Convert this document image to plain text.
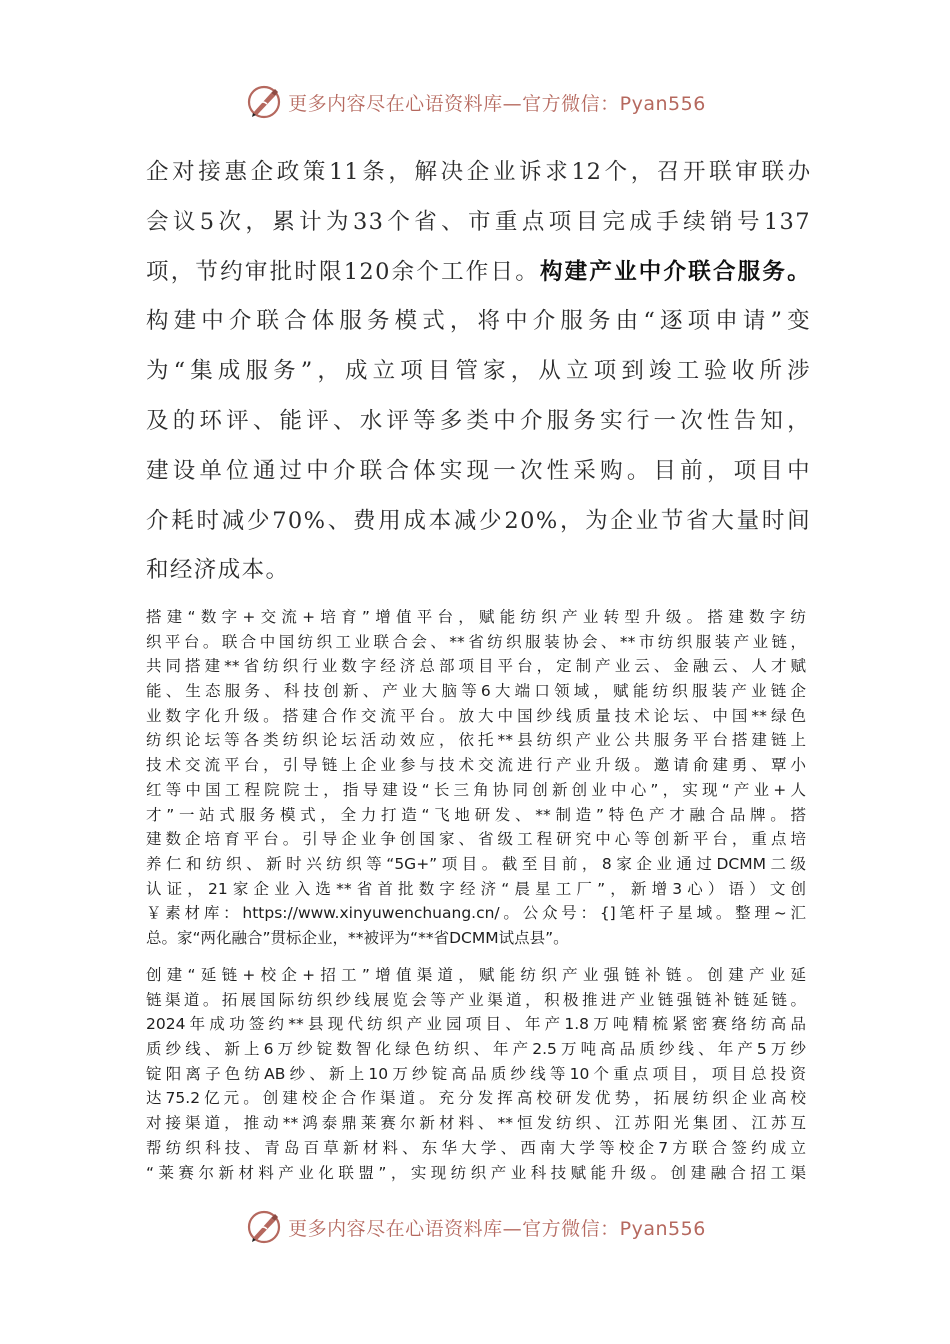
更多内容尽在心语资料库—官方微信：Pyan556

企对接惠企政策11条，解决企业诉求12个，召开联审联办

会议5次，累计为33个省、市重点项目完成手续销号137

项，节约审批时限120余个工作日。构建产业中介联合服务。

构建中介联合体服务模式，将中介服务由“逐项申请”变

为“集成服务”，成立项目管家，从立项到竣工验收所涉

及的环评、能评、水评等多类中介服务实行一次性告知，

建设单位通过中介联合体实现一次性采购。目前，项目中

介耗时减少70%、费用成本减少20%，为企业节省大量时间

和经济成本。

搭建“数字+交流+培育”增值平台，赋能纺织产业转型升级。搭建数字纺

织平台。联合中国纺织工业联合会、**省纺织服装协会、**市纺织服装产业链，

共同搭建**省纺织行业数字经济总部项目平台，定制产业云、金融云、人才赋

能、生态服务、科技创新、产业大脑等6大端口领域，赋能纺织服装产业链企

业数字化升级。搭建合作交流平台。放大中国纱线质量技术论坛、中国**绿色

纺织论坛等各类纺织论坛活动效应，依托**县纺织产业公共服务平台搭建链上

技术交流平台，引导链上企业参与技术交流进行产业升级。邀请俞建勇、覃小

红等中国工程院院士，指导建设“长三角协同创新创业中心”，实现“产业+人

才”一站式服务模式，全力打造“飞地研发、**制造”特色产才融合品牌。搭

建数企培育平台。引导企业争创国家、省级工程研究中心等创新平台，重点培

养仁和纺织、新时兴纺织等“5G+”项目。截至目前，8家企业通过DCMM二级

认证，21家企业入选**省首批数字经济“晨星工厂”，新增3心）语）文创

￥素材库：https://www.xinyuwenchuang.cn/。公众号：{]笔杆子星域。整理~汇

总。家“两化融合”贯标企业，**被评为“**省DCMM试点县”。

创建“延链+校企+招工”增值渠道，赋能纺织产业强链补链。创建产业延

链渠道。拓展国际纺织纱线展览会等产业渠道，积极推进产业链强链补链延链。

2024年成功签约**县现代纺织产业园项目、年产1.8万吨精梳紧密赛络纺高品

质纱线、新上6万纱锭数智化绿色纺织、年产2.5万吨高品质纱线、年产5万纱

锭阳离子色纺AB纱、新上10万纱锭高品质纱线等10个重点项目，项目总投资

达75.2亿元。创建校企合作渠道。充分发挥高校研发优势，拓展纺织企业高校

对接渠道，推动**鸿泰鼎莱赛尔新材料、**恒发纺织、江苏阳光集团、江苏互

帮纺织科技、青岛百草新材料、东华大学、西南大学等校企7方联合签约成立

“莱赛尔新材料产业化联盟”，实现纺织产业科技赋能升级。创建融合招工渠

更多内容尽在心语资料库—官方微信：Pyan556
